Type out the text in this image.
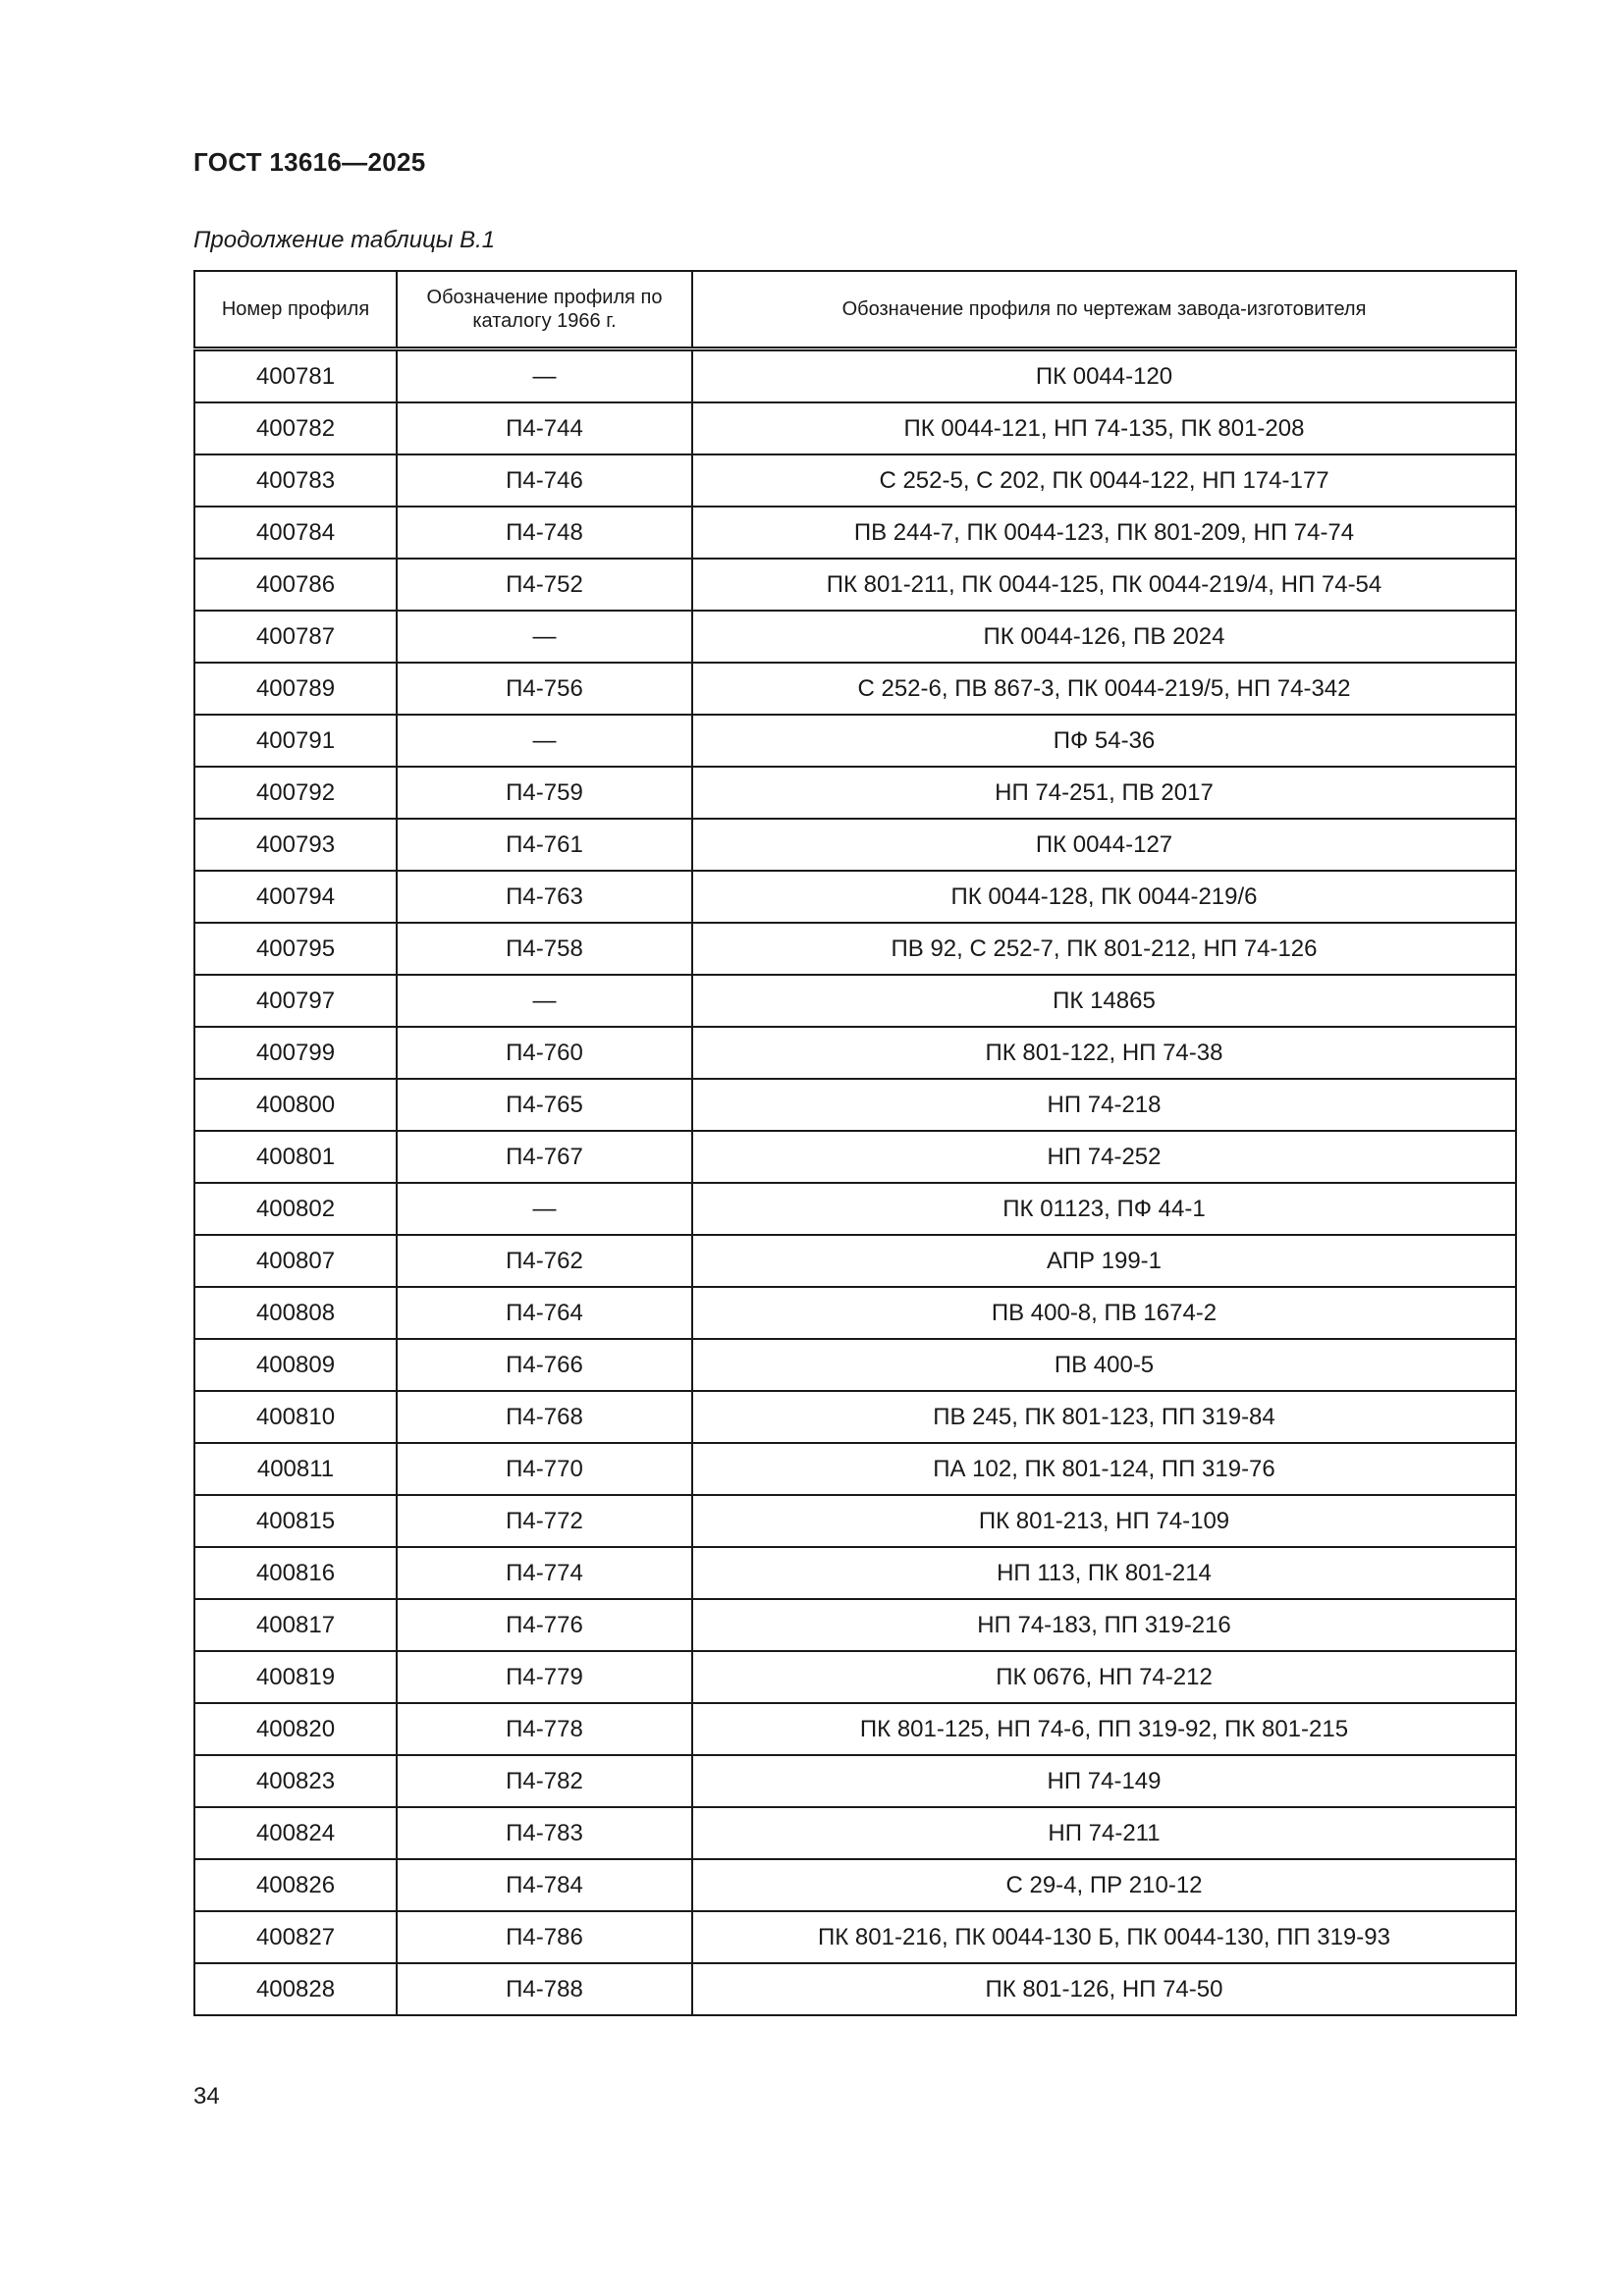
ГОСТ 13616—2025
Продолжение таблицы В.1
Номер профиля	Обозначение профиля по каталогу 1966 г.	Обозначение профиля по чертежам завода-изготовителя
400781	—	ПК 0044-120
400782	П4-744	ПК 0044-121, НП 74-135, ПК 801-208
400783	П4-746	С 252-5, С 202, ПК 0044-122, НП 174-177
400784	П4-748	ПВ 244-7, ПК 0044-123, ПК 801-209, НП 74-74
400786	П4-752	ПК 801-211, ПК 0044-125, ПК 0044-219/4, НП 74-54
400787	—	ПК 0044-126, ПВ 2024
400789	П4-756	С 252-6, ПВ 867-3, ПК 0044-219/5, НП 74-342
400791	—	ПФ 54-36
400792	П4-759	НП 74-251, ПВ 2017
400793	П4-761	ПК 0044-127
400794	П4-763	ПК 0044-128, ПК 0044-219/6
400795	П4-758	ПВ 92, С 252-7, ПК 801-212, НП 74-126
400797	—	ПК 14865
400799	П4-760	ПК 801-122, НП 74-38
400800	П4-765	НП 74-218
400801	П4-767	НП 74-252
400802	—	ПК 01123, ПФ 44-1
400807	П4-762	АПР 199-1
400808	П4-764	ПВ 400-8, ПВ 1674-2
400809	П4-766	ПВ 400-5
400810	П4-768	ПВ 245, ПК 801-123, ПП 319-84
400811	П4-770	ПА 102, ПК 801-124, ПП 319-76
400815	П4-772	ПК 801-213, НП 74-109
400816	П4-774	НП 113, ПК 801-214
400817	П4-776	НП 74-183, ПП 319-216
400819	П4-779	ПК 0676, НП 74-212
400820	П4-778	ПК 801-125, НП 74-6, ПП 319-92, ПК 801-215
400823	П4-782	НП 74-149
400824	П4-783	НП 74-211
400826	П4-784	С 29-4, ПР 210-12
400827	П4-786	ПК 801-216, ПК 0044-130 Б, ПК 0044-130, ПП 319-93
400828	П4-788	ПК 801-126, НП 74-50
34
